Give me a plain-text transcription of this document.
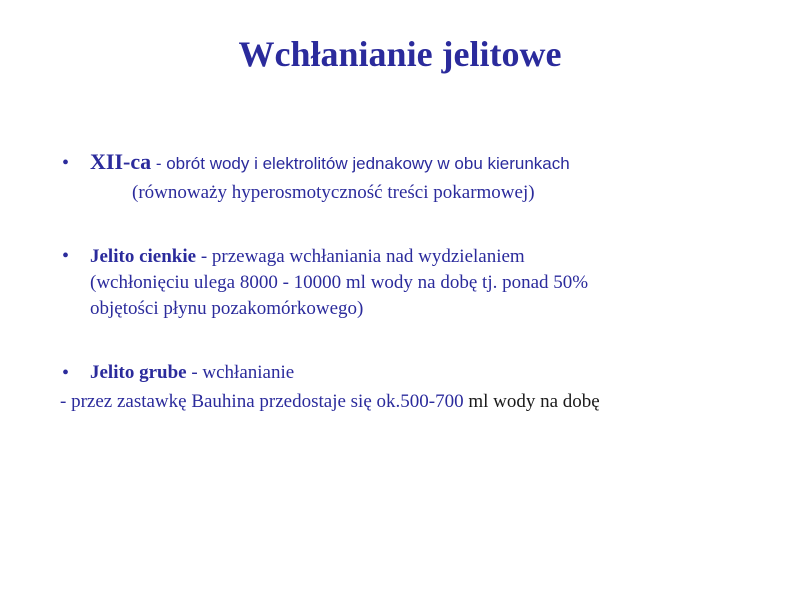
Wchłanianie jelitowe
• XII-ca - obrót wody i elektrolitów jednakowy w obu kierunkach
(równoważy hyperosmotyczność treści pokarmowej)
•	Jelito cienkie - przewaga wchłaniania nad wydzielaniem
(wchłonięciu ulega 8000 - 10000 ml wody na dobę tj. ponad 50%
objętości płynu pozakomórkowego)
•	Jelito grube - wchłanianie
- przez zastawkę Bauhina przedostaje się ok.500-700 ml wody na dobę
